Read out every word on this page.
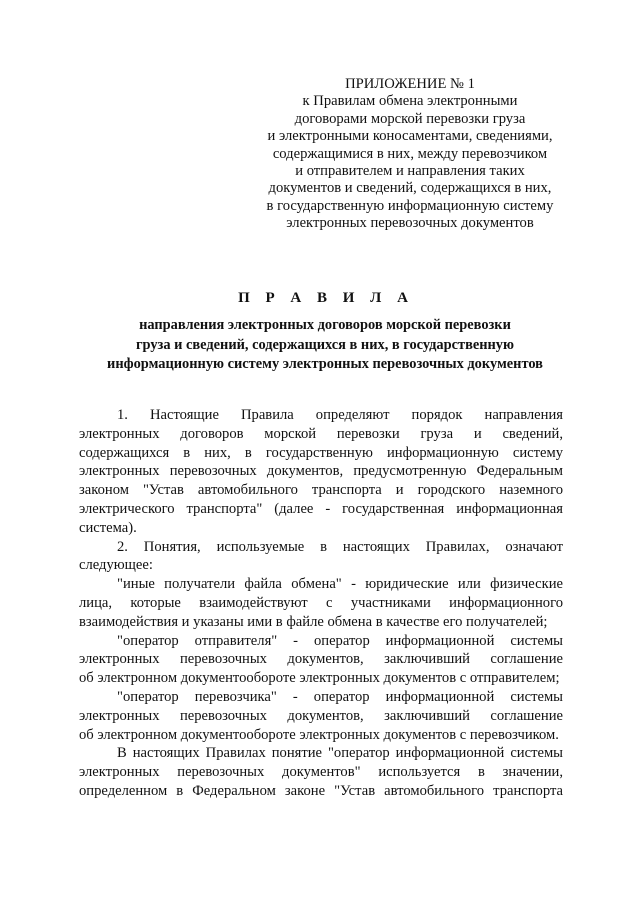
ПРИЛОЖЕНИЕ № 1
к Правилам обмена электронными
договорами морской перевозки груза
и электронными коносаментами, сведениями,
содержащимися в них, между перевозчиком
и отправителем и направления таких
документов и сведений, содержащихся в них,
в государственную информационную систему
электронных перевозочных документов
П Р А В И Л А
направления электронных договоров морской перевозки
груза и сведений, содержащихся в них, в государственную
информационную систему электронных перевозочных документов
1. Настоящие Правила определяют порядок направления
электронных договоров морской перевозки груза и сведений,
содержащихся в них, в государственную информационную систему
электронных перевозочных документов, предусмотренную Федеральным
законом "Устав автомобильного транспорта и городского наземного
электрического транспорта" (далее - государственная информационная
система).
2. Понятия, используемые в настоящих Правилах, означают
следующее:
"иные получатели файла обмена" - юридические или физические
лица, которые взаимодействуют с участниками информационного
взаимодействия и указаны ими в файле обмена в качестве его получателей;
"оператор отправителя" - оператор информационной системы
электронных перевозочных документов, заключивший соглашение
об электронном документообороте электронных документов с отправителем;
"оператор перевозчика" - оператор информационной системы
электронных перевозочных документов, заключивший соглашение
об электронном документообороте электронных документов с перевозчиком.
В настоящих Правилах понятие "оператор информационной системы
электронных перевозочных документов" используется в значении,
определенном в Федеральном законе "Устав автомобильного транспорта
